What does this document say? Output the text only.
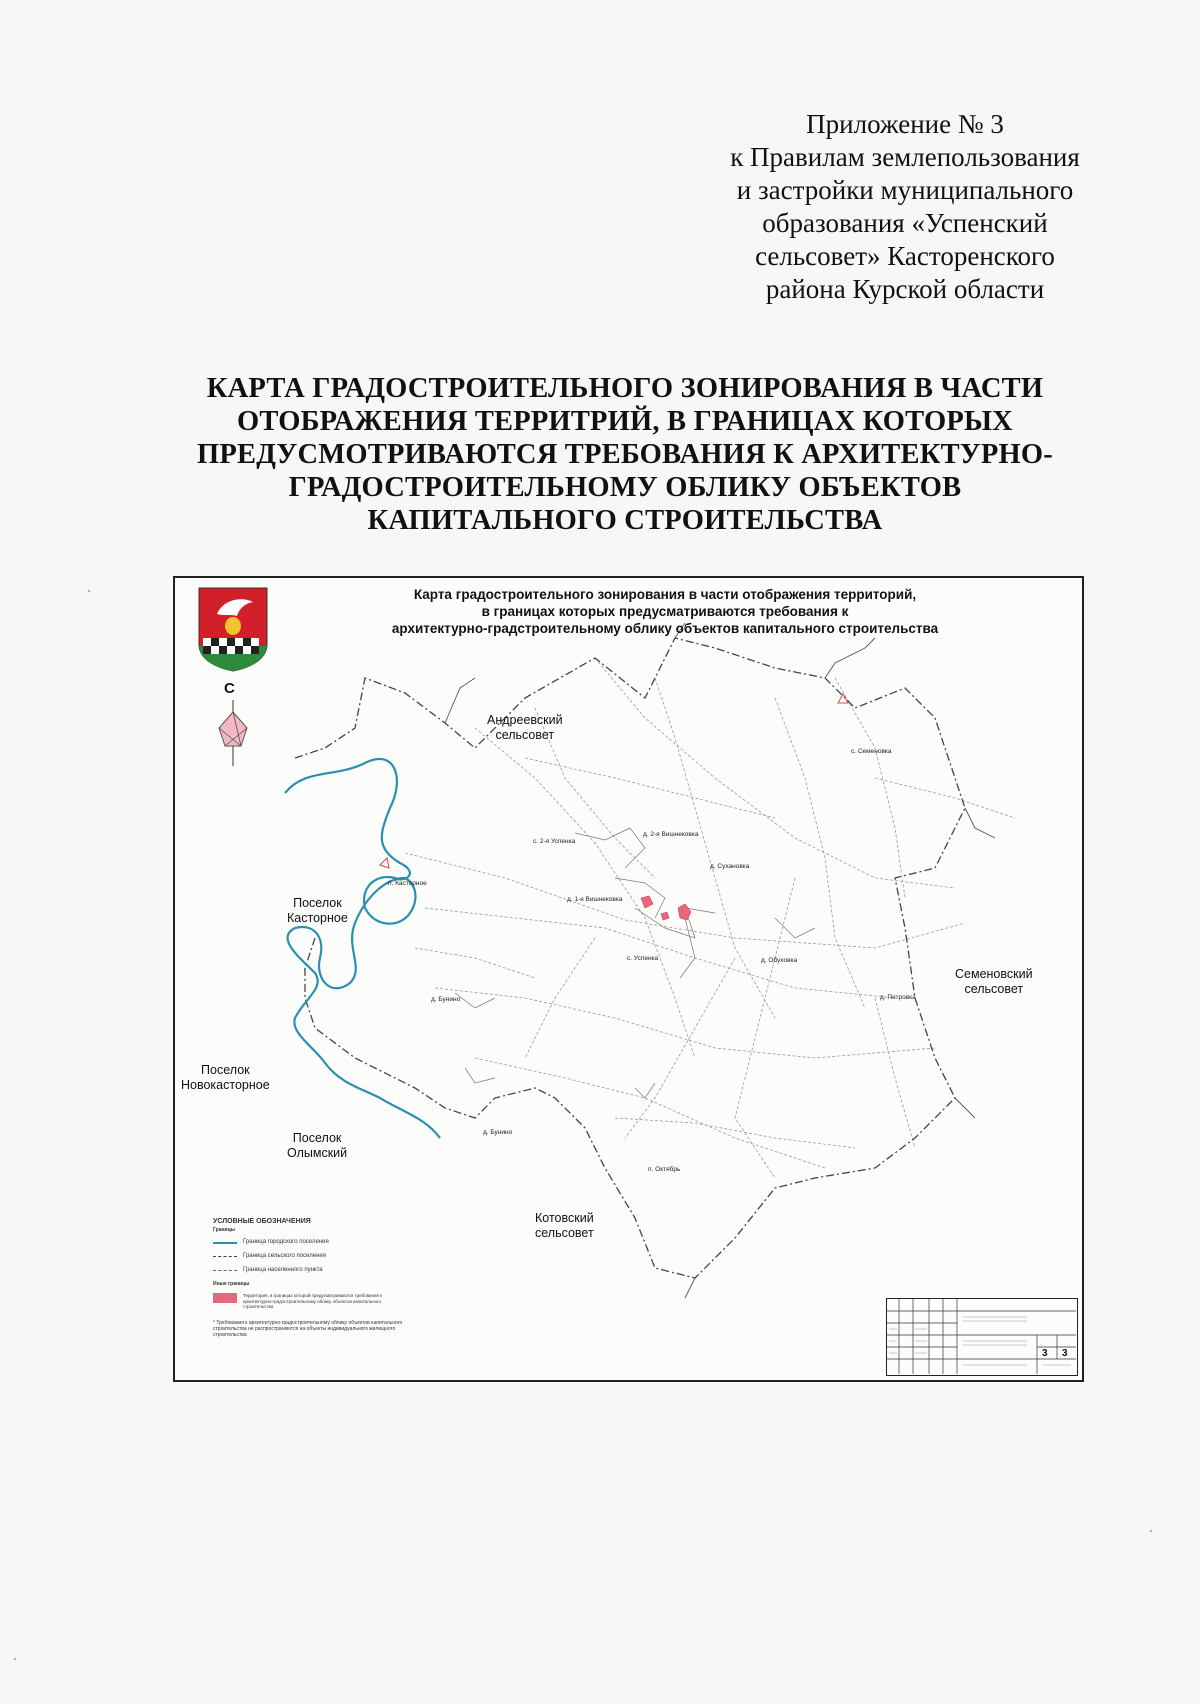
Приложение № 3
к Правилам землепользования
и застройки муниципального
образования «Успенский
сельсовет» Касторенского
района Курской области
КАРТА ГРАДОСТРОИТЕЛЬНОГО ЗОНИРОВАНИЯ В ЧАСТИ
ОТОБРАЖЕНИЯ ТЕРРИТРИЙ, В ГРАНИЦАХ КОТОРЫХ
ПРЕДУСМОТРИВАЮТСЯ ТРЕБОВАНИЯ К АРХИТЕКТУРНО-
ГРАДОСТРОИТЕЛЬНОМУ ОБЛИКУ ОБЪЕКТОВ
КАПИТАЛЬНОГО СТРОИТЕЛЬСТВА
С
Карта градостроительного зонирования в части отображения территорий,
в границах которых предусматриваются требования к
архитектурно-градстроительному облику объектов капитального строительства
Андреевский
сельсовет
Поселок
Касторное
Поселок
Новокасторное
Поселок
Олымский
Котовский
сельсовет
Семеновский
сельсовет
с. Семеновка
с. 2-я Успенка
д. 2-я Вишнековка
д. Сухановка
п. Касторное
д. 1-я Вишнековка
с. Успенка	д. Обуховка
д. Петровка
д. Бунино
д. Бунино
п. Октябрь
УСЛОВНЫЕ ОБОЗНАЧЕНИЯ
Границы
Граница городского поселения
Граница сельского поселения
Граница населенного пункта
Иные границы
Территория, в границах которой предусматриваются требования к архитектурно-градостроительному облику объектов капитального строительства
* Требования к архитектурно-градостроительному облику объектов капитального строительства не распространяются на объекты индивидуального жилищного строительства
3 3
